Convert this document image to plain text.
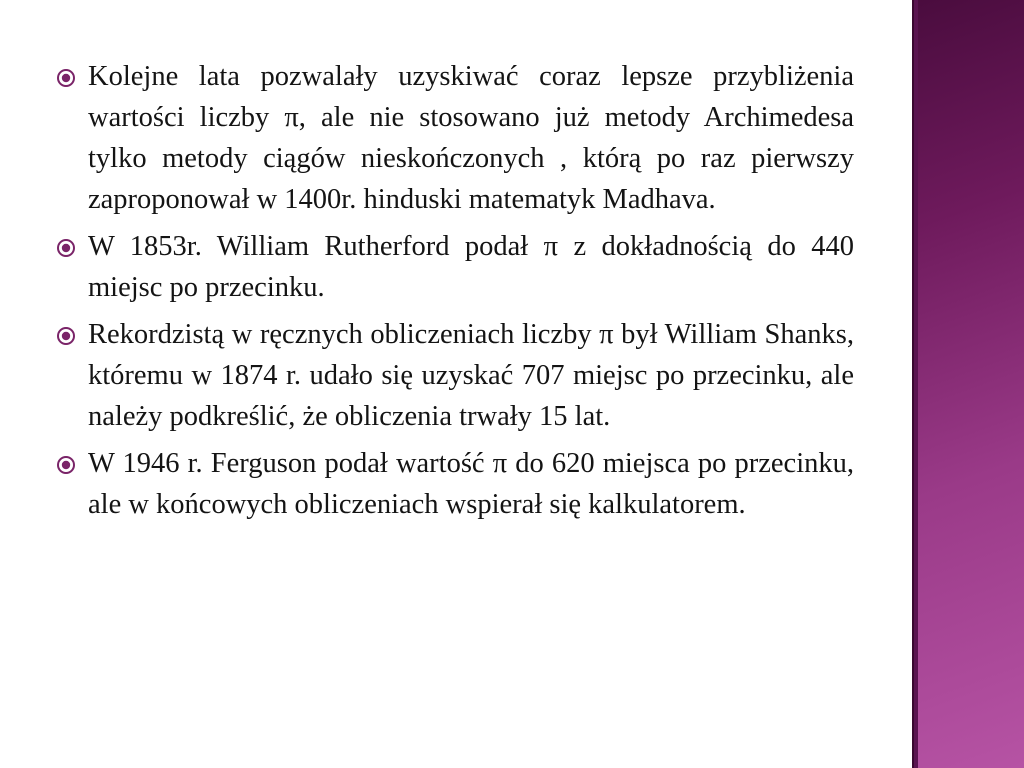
Kolejne lata pozwalały uzyskiwać coraz lepsze przybliżenia wartości liczby π, ale nie stosowano już metody Archimedesa tylko metody ciągów nieskończonych , którą po raz pierwszy zaproponował w 1400r. hinduski matematyk Madhava.
W 1853r. William Rutherford podał π z dokładnością do 440 miejsc po przecinku.
Rekordzistą w ręcznych obliczeniach liczby π był William Shanks, któremu w 1874 r. udało się uzyskać 707 miejsc po przecinku, ale należy podkreślić, że obliczenia trwały 15 lat.
W 1946 r. Ferguson podał wartość π do 620 miejsca po przecinku, ale w końcowych obliczeniach wspierał się kalkulatorem.
